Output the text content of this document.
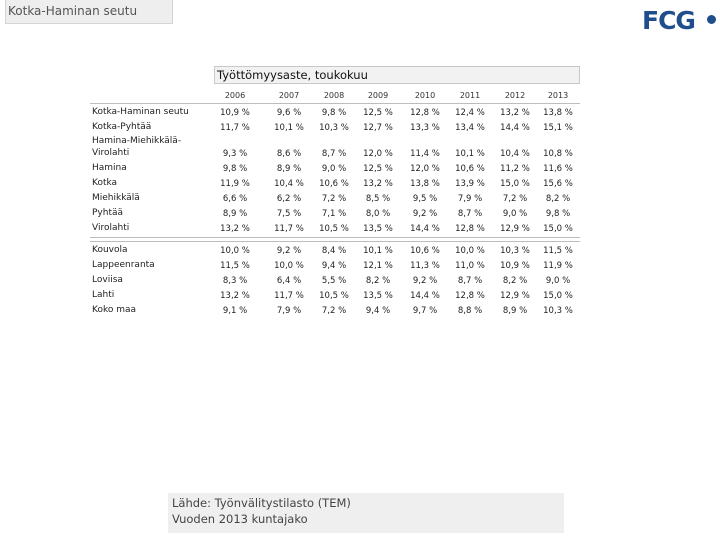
Kotka-Haminan seutu	FCG
Työttömyysaste, toukokuu
2006	2007	2008	2009	2010	2011	2012	2013
Kotka-Haminan seutu	10,9 %	9,6 %	9,8 %	12,5 %	12,8 %	12,4 %	13,2 %	13,8 %
Kotka-Pyhtää	11,7 %	10,1 %	10,3 %	12,7 %	13,3 %	13,4 %	14,4 %	15,1 %
Hamina-Miehikkälä-
Virolahti	9,3 %	8,6 %	8,7 %	12,0 %	11,4 %	10,1 %	10,4 %	10,8 %
Hamina	9,8 %	8,9 %	9,0 %	12,5 %	12,0 %	10,6 %	11,2 %	11,6 %
Kotka	11,9 %	10,4 %	10,6 %	13,2 %	13,8 %	13,9 %	15,0 %	15,6 %
Miehikkälä	6,6 %	6,2 %	7,2 %	8,5 %	9,5 %	7,9 %	7,2 %	8,2 %
Pyhtää	8,9 %	7,5 %	7,1 %	8,0 %	9,2 %	8,7 %	9,0 %	9,8 %
Virolahti	13,2 %	11,7 %	10,5 %	13,5 %	14,4 %	12,8 %	12,9 %	15,0 %
Kouvola	10,0 %	9,2 %	8,4 %	10,1 %	10,6 %	10,0 %	10,3 %	11,5 %
Lappeenranta	11,5 %	10,0 %	9,4 %	12,1 %	11,3 %	11,0 %	10,9 %	11,9 %
Loviisa	8,3 %	6,4 %	5,5 %	8,2 %	9,2 %	8,7 %	8,2 %	9,0 %
Lahti	13,2 %	11,7 %	10,5 %	13,5 %	14,4 %	12,8 %	12,9 %	15,0 %
Koko maa	9,1 %	7,9 %	7,2 %	9,4 %	9,7 %	8,8 %	8,9 %	10,3 %
Lähde: Työnvälitystilasto (TEM)
Vuoden 2013 kuntajako
